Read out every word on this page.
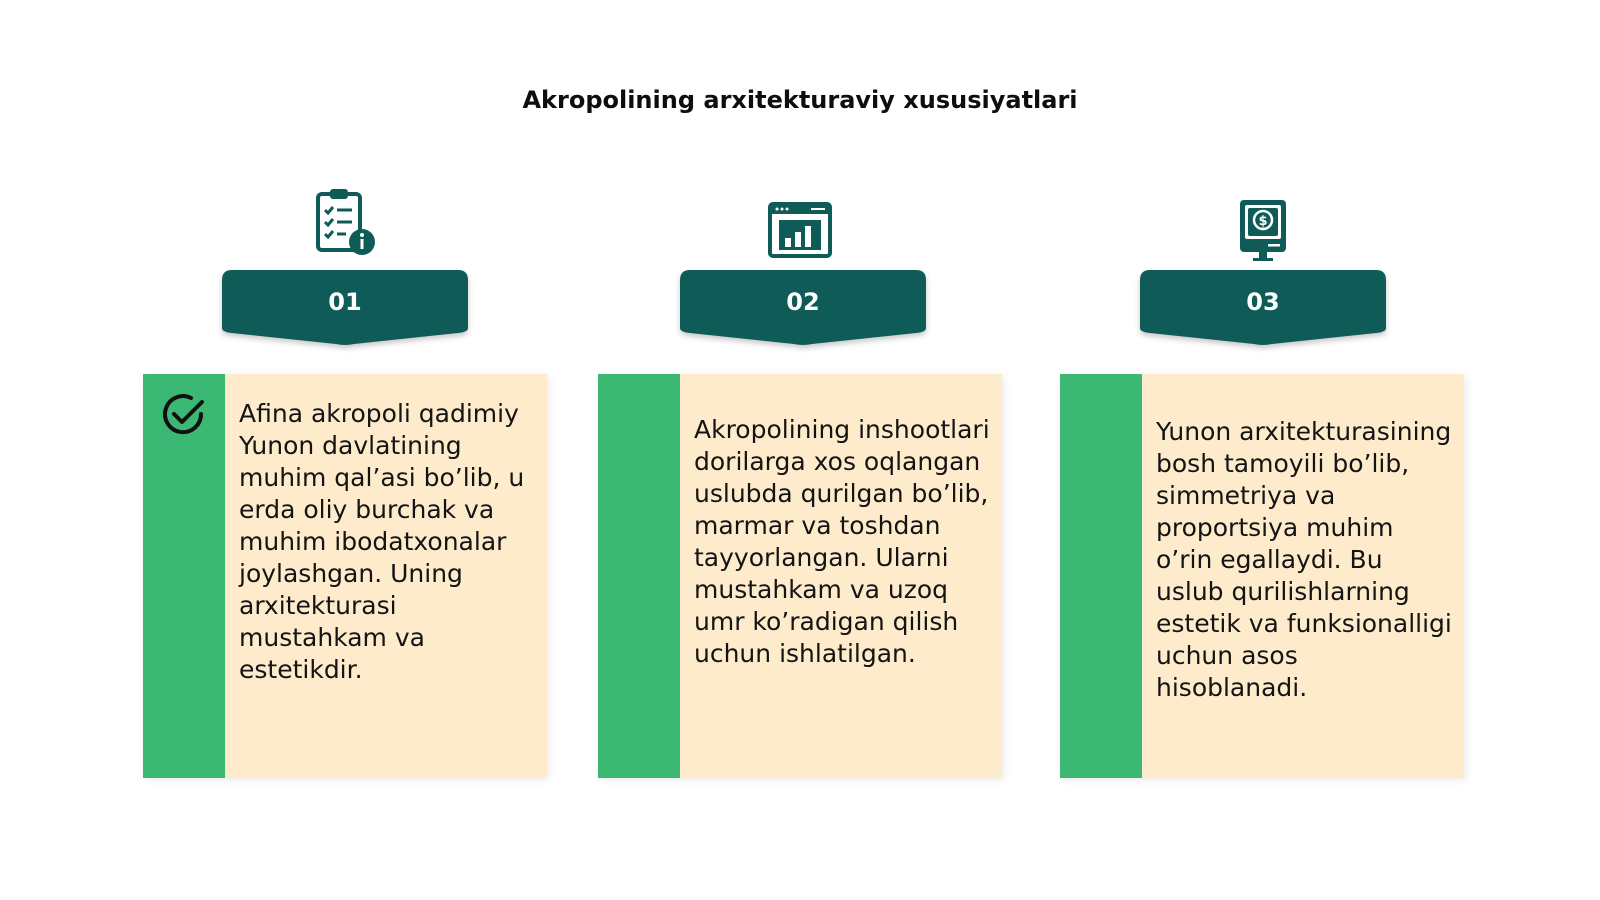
Akropolining arxitekturaviy xususiyatlari
01
Afina akropoli qadimiy Yunon davlatining muhim qal’asi bo’lib, u erda oliy burchak va muhim ibodatxonalar joylashgan. Uning arxitekturasi mustahkam va estetikdir.
02
Akropolining inshootlari dorilarga xos oqlangan uslubda qurilgan bo’lib, marmar va toshdan tayyorlangan. Ularni mustahkam va uzoq umr ko’radigan qilish uchun ishlatilgan.
$
03
Yunon arxitekturasining bosh tamoyili bo’lib, simmetriya va proportsiya muhim o’rin egallaydi. Bu uslub qurilishlarning estetik va funksionalligi uchun asos hisoblanadi.
